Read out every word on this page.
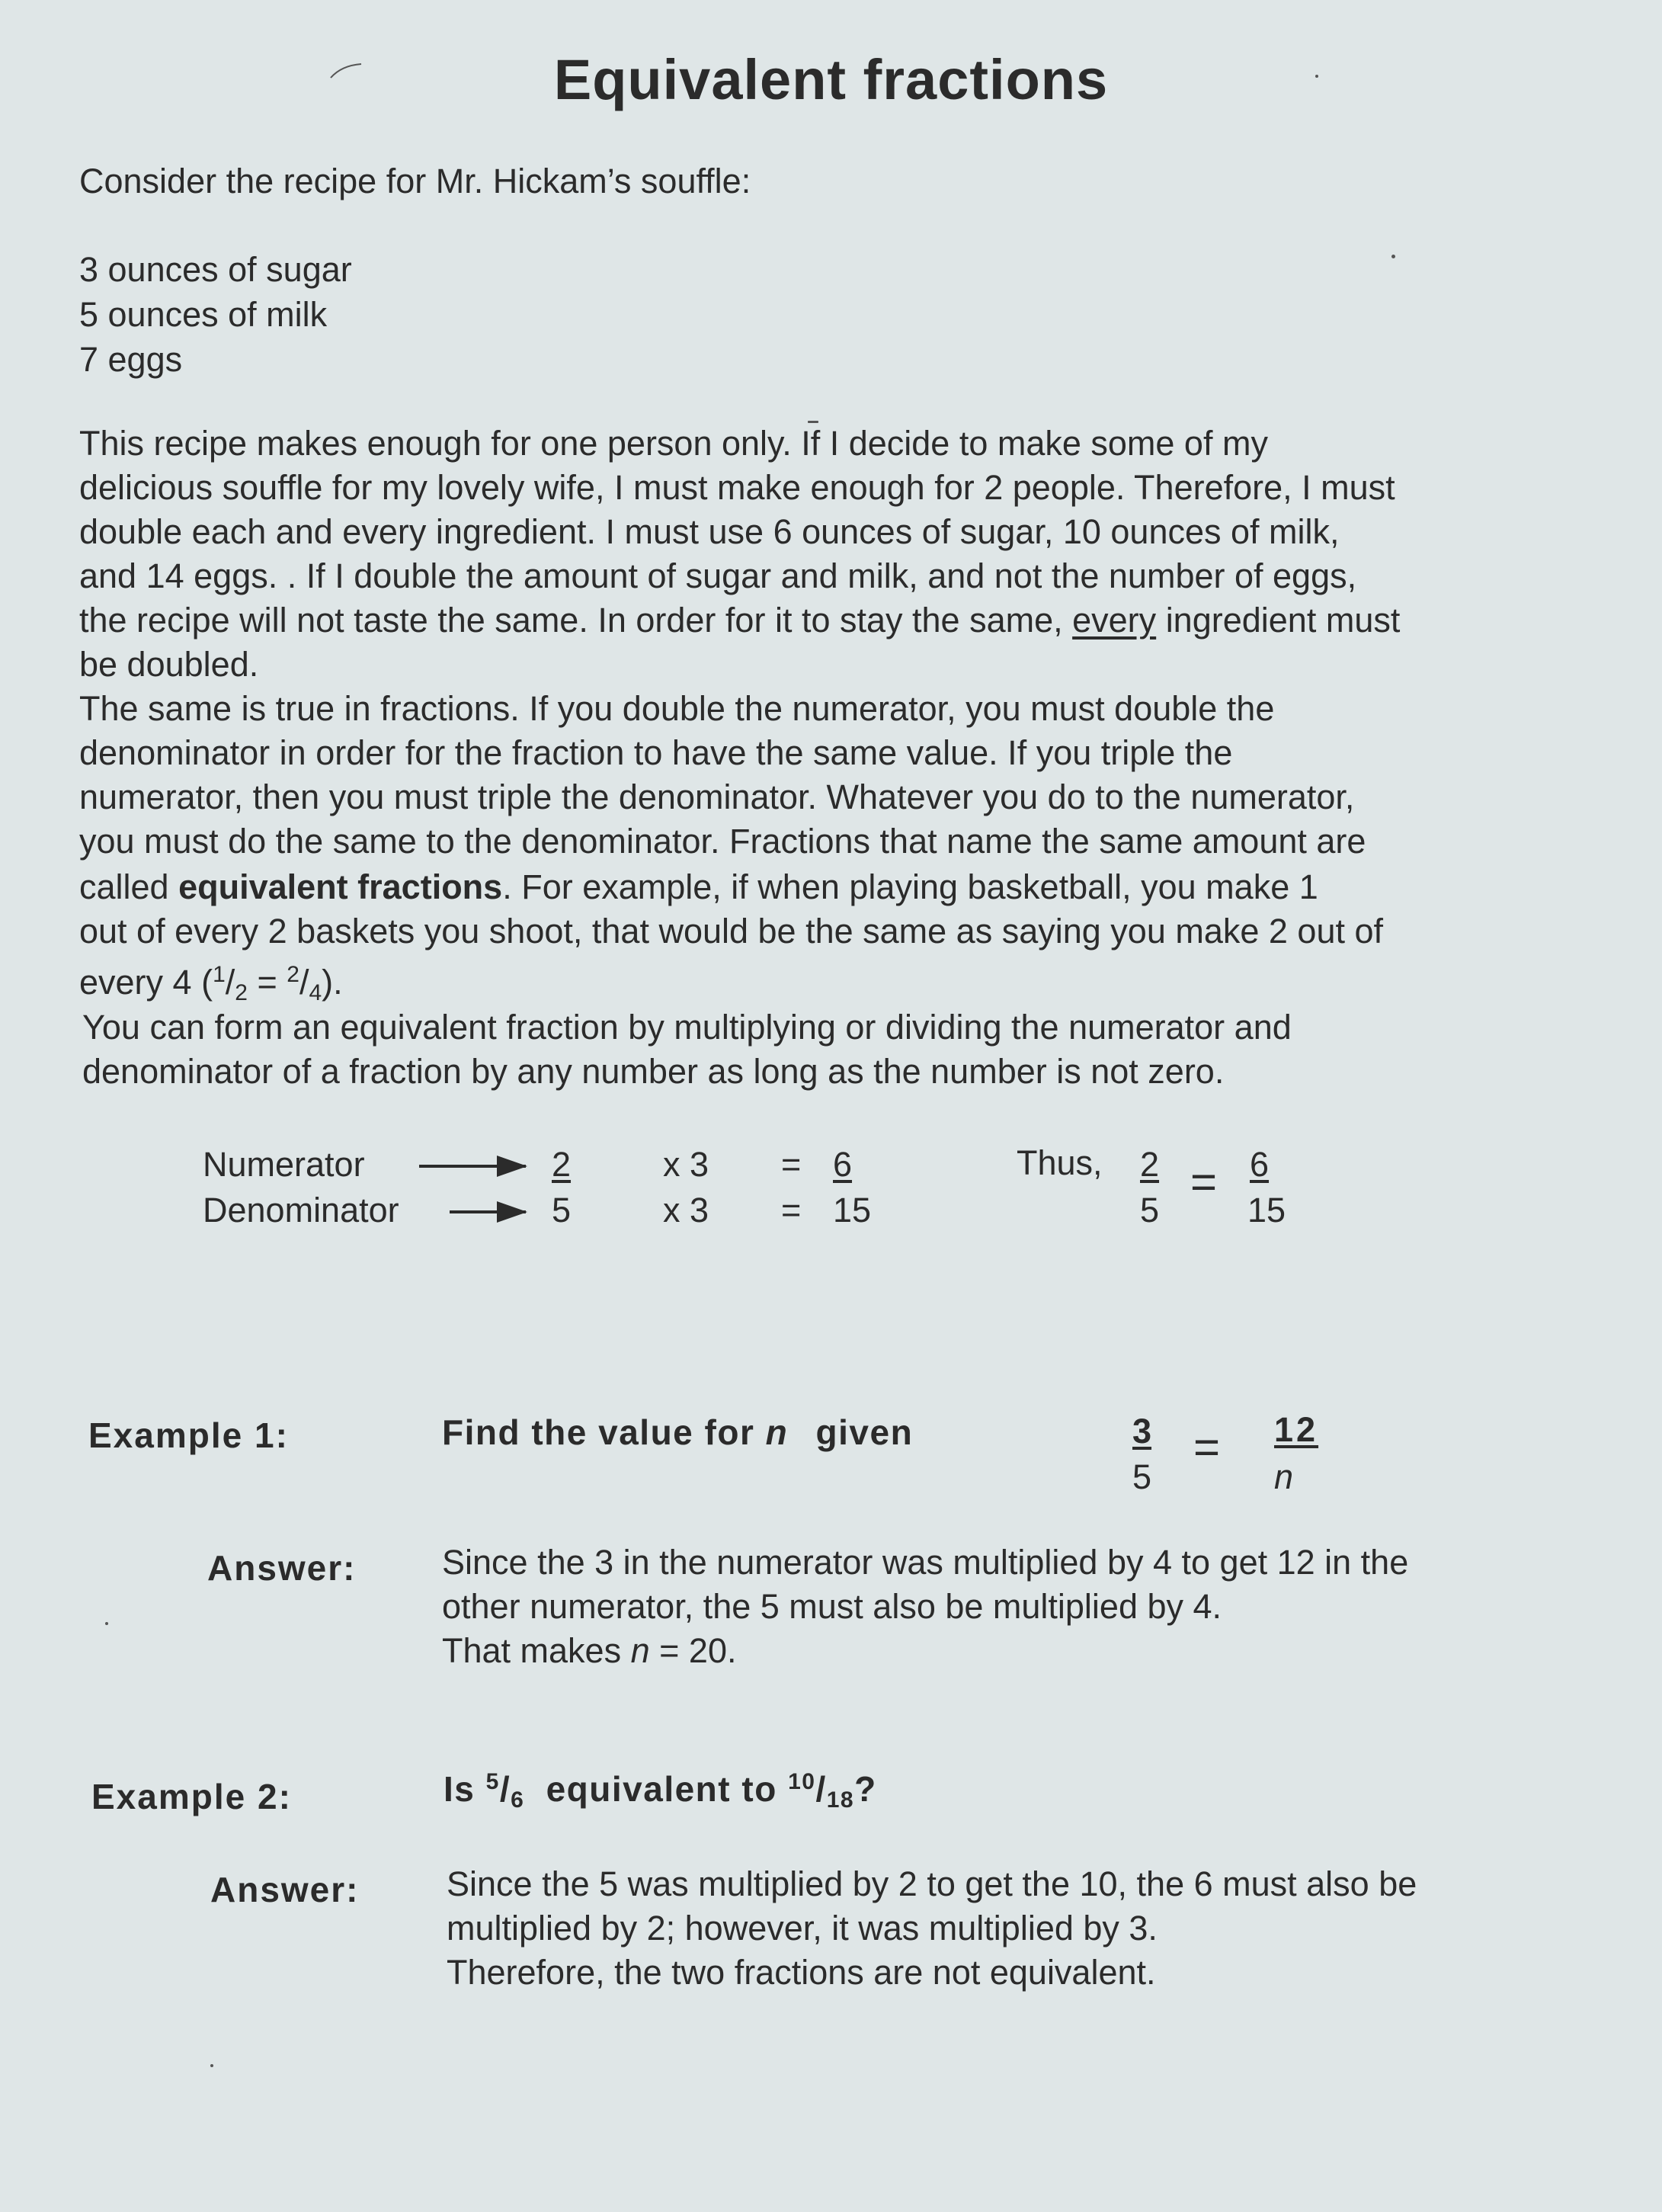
Equivalent fractions
Consider the recipe for Mr. Hickam’s souffle:
3 ounces of sugar
5 ounces of milk
7 eggs
This recipe makes enough for one person only. If I decide to make some of my
delicious souffle for my lovely wife, I must make enough for 2 people. Therefore, I must
double each and every ingredient. I must use 6 ounces of sugar, 10 ounces of milk,
and 14 eggs. . If I double the amount of sugar and milk, and not the number of eggs,
the recipe will not taste the same. In order for it to stay the same, every ingredient must
be doubled.
The same is true in fractions. If you double the numerator, you must double the
denominator in order for the fraction to have the same value. If you triple the
numerator, then you must triple the denominator. Whatever you do to the numerator,
you must do the same to the denominator. Fractions that name the same amount are
called equivalent fractions. For example, if when playing basketball, you make 1
out of every 2 baskets you shoot, that would be the same as saying you make 2 out of
every 4 $(^1/_2 = ^2/_4)$.
You can form an equivalent fraction by multiplying or dividing the numerator and
denominator of a fraction by any number as long as the number is not zero.
Numerator	2	x 3 = 6
Denominator	5	x 3 = 15
Thus, 2
5
= 6
15
Example 1:	Find the value for n given	3
5
= 12
n
Answer:	Since the 3 in the numerator was multiplied by 4 to get 12 in the
other numerator, the 5 must also be multiplied by 4.
That makes n = 20.
Example 2:	Is $^5/_6$ equivalent to $^{10}/_{18}$?
Answer:	Since the 5 was multiplied by 2 to get the 10, the 6 must also be
multiplied by 2; however, it was multiplied by 3.
Therefore, the two fractions are not equivalent.
